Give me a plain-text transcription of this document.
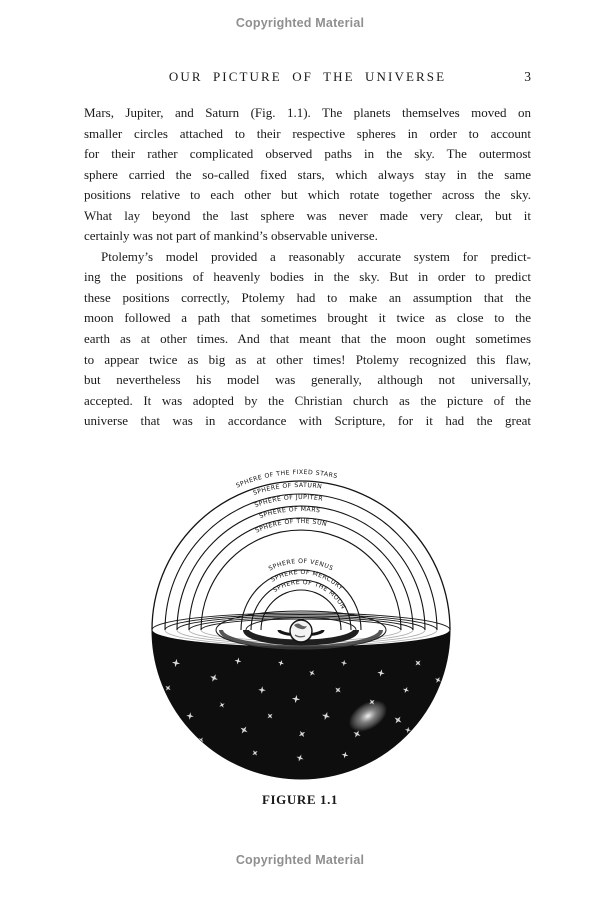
Copyrighted Material
OUR PICTURE OF THE UNIVERSE	3
Mars, Jupiter, and Saturn (Fig. 1.1). The planets themselves moved on
smaller circles attached to their respective spheres in order to account
for their rather complicated observed paths in the sky. The outermost
sphere carried the so-called fixed stars, which always stay in the same
positions relative to each other but which rotate together across the sky.
What lay beyond the last sphere was never made very clear, but it
certainly was not part of mankind’s observable universe.
Ptolemy’s model provided a reasonably accurate system for predict-
ing the positions of heavenly bodies in the sky. But in order to predict
these positions correctly, Ptolemy had to make an assumption that the
moon followed a path that sometimes brought it twice as close to the
earth as at other times. And that meant that the moon ought sometimes
to appear twice as big as at other times! Ptolemy recognized this flaw,
but nevertheless his model was generally, although not universally,
accepted. It was adopted by the Christian church as the picture of the
universe that was in accordance with Scripture, for it had the great
SPHERE OF THE FIXED STARS
SPHERE OF SATURN
SPHERE OF JUPITER
SPHERE OF MARS
SPHERE OF THE SUN
SPHERE OF VENUS
SPHERE OF MERCURY
SPHERE OF THE MOON
FIGURE 1.1
Copyrighted Material
